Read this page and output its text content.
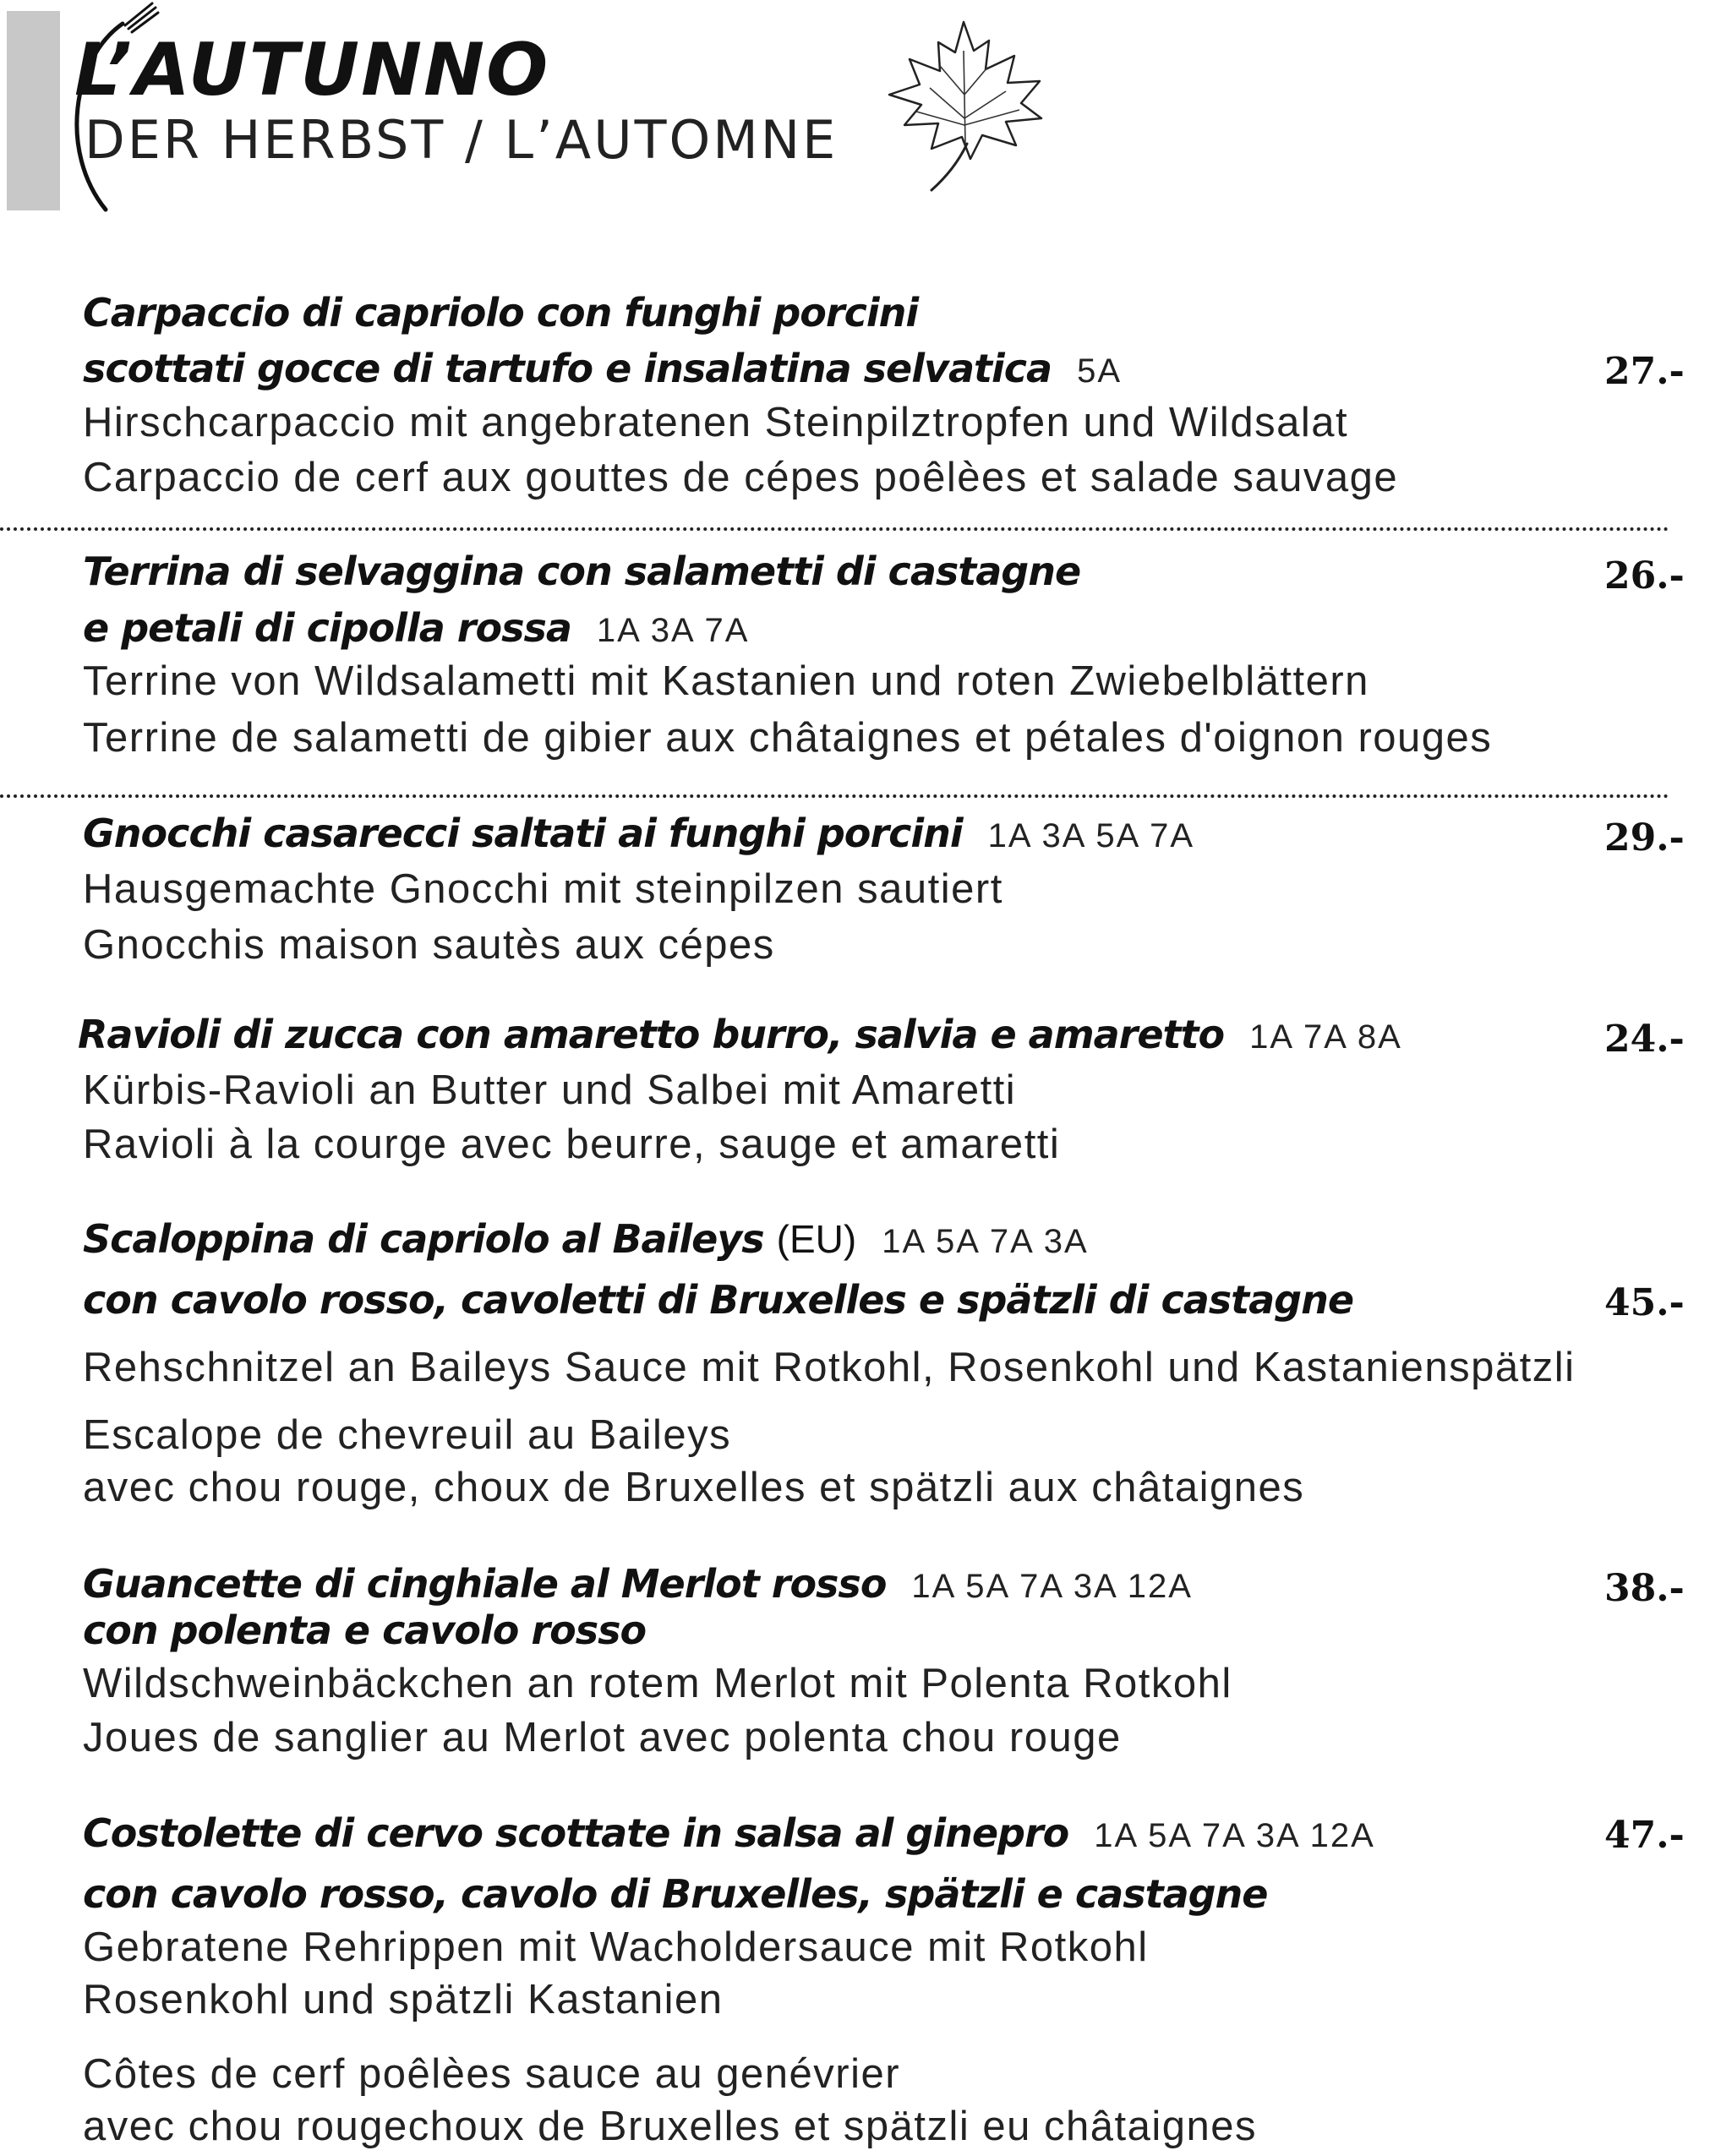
L’AUTUNNO
DER HERBST / L’AUTOMNE
Carpaccio di capriolo con funghi porcini
scottati gocce di tartufo e insalatina selvatica 5A	27.-
Hirschcarpaccio mit angebratenen Steinpilztropfen und Wildsalat
Carpaccio de cerf aux gouttes de cépes poêlèes et salade sauvage
Terrina di selvaggina con salametti di castagne	26.-
e petali di cipolla rossa 1A 3A 7A
Terrine von Wildsalametti mit Kastanien und roten Zwiebelblättern
Terrine de salametti de gibier aux châtaignes et pétales d'oignon rouges
Gnocchi casarecci saltati ai funghi porcini 1A 3A 5A 7A	29.-
Hausgemachte Gnocchi mit steinpilzen sautiert
Gnocchis maison sautès aux cépes
Ravioli di zucca con amaretto burro, salvia e amaretto 1A 7A 8A	24.-
Kürbis-Ravioli an Butter und Salbei mit Amaretti
Ravioli à la courge avec beurre, sauge et amaretti
Scaloppina di capriolo al Baileys (EU) 1A 5A 7A 3A
con cavolo rosso, cavoletti di Bruxelles e spätzli di castagne	45.-
Rehschnitzel an Baileys Sauce mit Rotkohl, Rosenkohl und Kastanienspätzli
Escalope de chevreuil au Baileys
avec chou rouge, choux de Bruxelles et spätzli aux châtaignes
Guancette di cinghiale al Merlot rosso 1A 5A 7A 3A 12A	38.-
con polenta e cavolo rosso
Wildschweinbäckchen an rotem Merlot mit Polenta Rotkohl
Joues de sanglier au Merlot avec polenta chou rouge
Costolette di cervo scottate in salsa al ginepro 1A 5A 7A 3A 12A	47.-
con cavolo rosso, cavolo di Bruxelles, spätzli e castagne
Gebratene Rehrippen mit Wacholdersauce mit Rotkohl
Rosenkohl und spätzli Kastanien
Côtes de cerf poêlèes sauce au genévrier
avec chou rougechoux de Bruxelles et spätzli eu châtaignes
